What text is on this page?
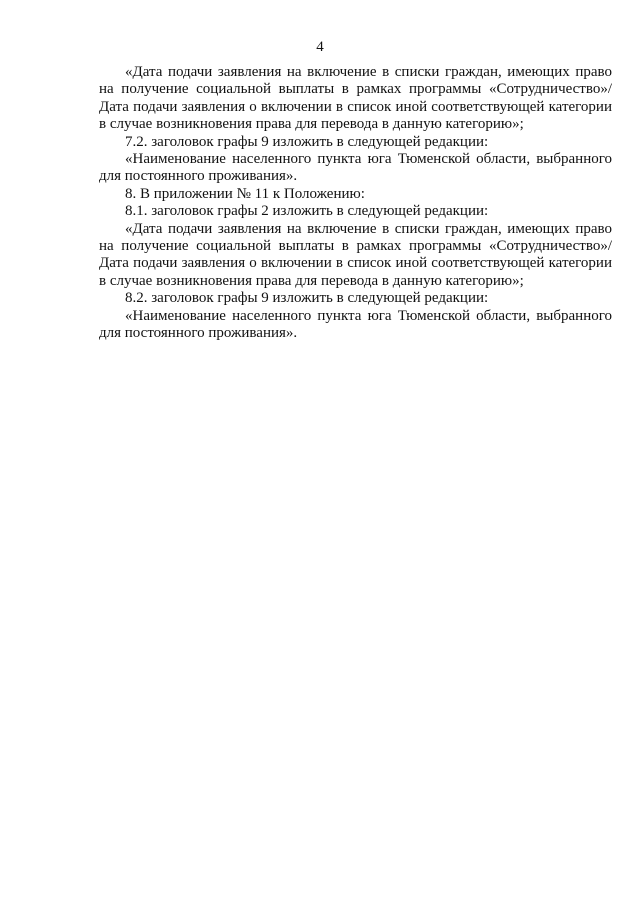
4

«Дата подачи заявления на включение в списки граждан, имеющих право на получение социальной выплаты в рамках программы «Сотрудничество»/Дата подачи заявления о включении в список иной соответствующей категории в случае возникновения права для перевода в данную категорию»;

7.2. заголовок графы 9 изложить в следующей редакции:

«Наименование населенного пункта юга Тюменской области, выбранного для постоянного проживания».

8. В приложении № 11 к Положению:

8.1. заголовок графы 2 изложить в следующей редакции:

«Дата подачи заявления на включение в списки граждан, имеющих право на получение социальной выплаты в рамках программы «Сотрудничество»/Дата подачи заявления о включении в список иной соответствующей категории в случае возникновения права для перевода в данную категорию»;

8.2. заголовок графы 9 изложить в следующей редакции:

«Наименование населенного пункта юга Тюменской области, выбранного для постоянного проживания».
